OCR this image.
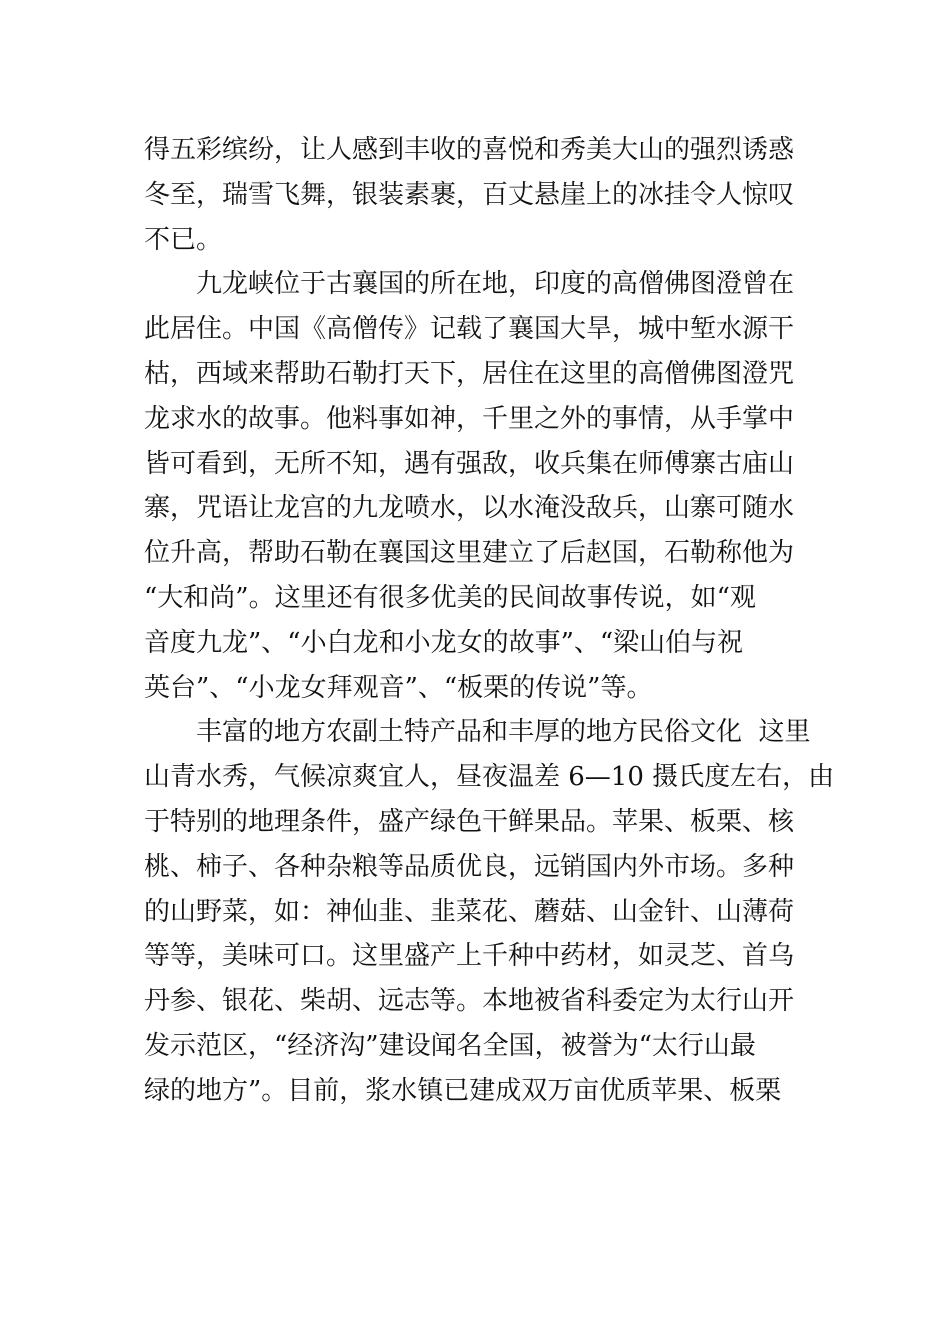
得五彩缤纷，让人感到丰收的喜悦和秀美大山的强烈诱惑
冬至，瑞雪飞舞，银装素裹，百丈悬崖上的冰挂令人惊叹
不已。
九龙峡位于古襄国的所在地，印度的高僧佛图澄曾在
此居住。中国《高僧传》记载了襄国大旱，城中堑水源干
枯，西域来帮助石勒打天下，居住在这里的高僧佛图澄咒
龙求水的故事。他料事如神，千里之外的事情，从手掌中
皆可看到，无所不知，遇有强敌，收兵集在师傅寨古庙山
寨，咒语让龙宫的九龙喷水，以水淹没敌兵，山寨可随水
位升高，帮助石勒在襄国这里建立了后赵国，石勒称他为
“大和尚”。这里还有很多优美的民间故事传说，如“观
音度九龙”、“小白龙和小龙女的故事”、“梁山伯与祝
英台”、“小龙女拜观音”、“板栗的传说”等。
丰富的地方农副土特产品和丰厚的地方民俗文化  这里
山青水秀，气候凉爽宜人，昼夜温差 6—10 摄氏度左右，由
于特别的地理条件，盛产绿色干鲜果品。苹果、板栗、核
桃、柿子、各种杂粮等品质优良，远销国内外市场。多种
的山野菜，如：神仙韭、韭菜花、蘑菇、山金针、山薄荷
等等，美味可口。这里盛产上千种中药材，如灵芝、首乌
丹参、银花、柴胡、远志等。本地被省科委定为太行山开
发示范区，“经济沟”建设闻名全国，被誉为“太行山最
绿的地方”。目前，浆水镇已建成双万亩优质苹果、板栗
